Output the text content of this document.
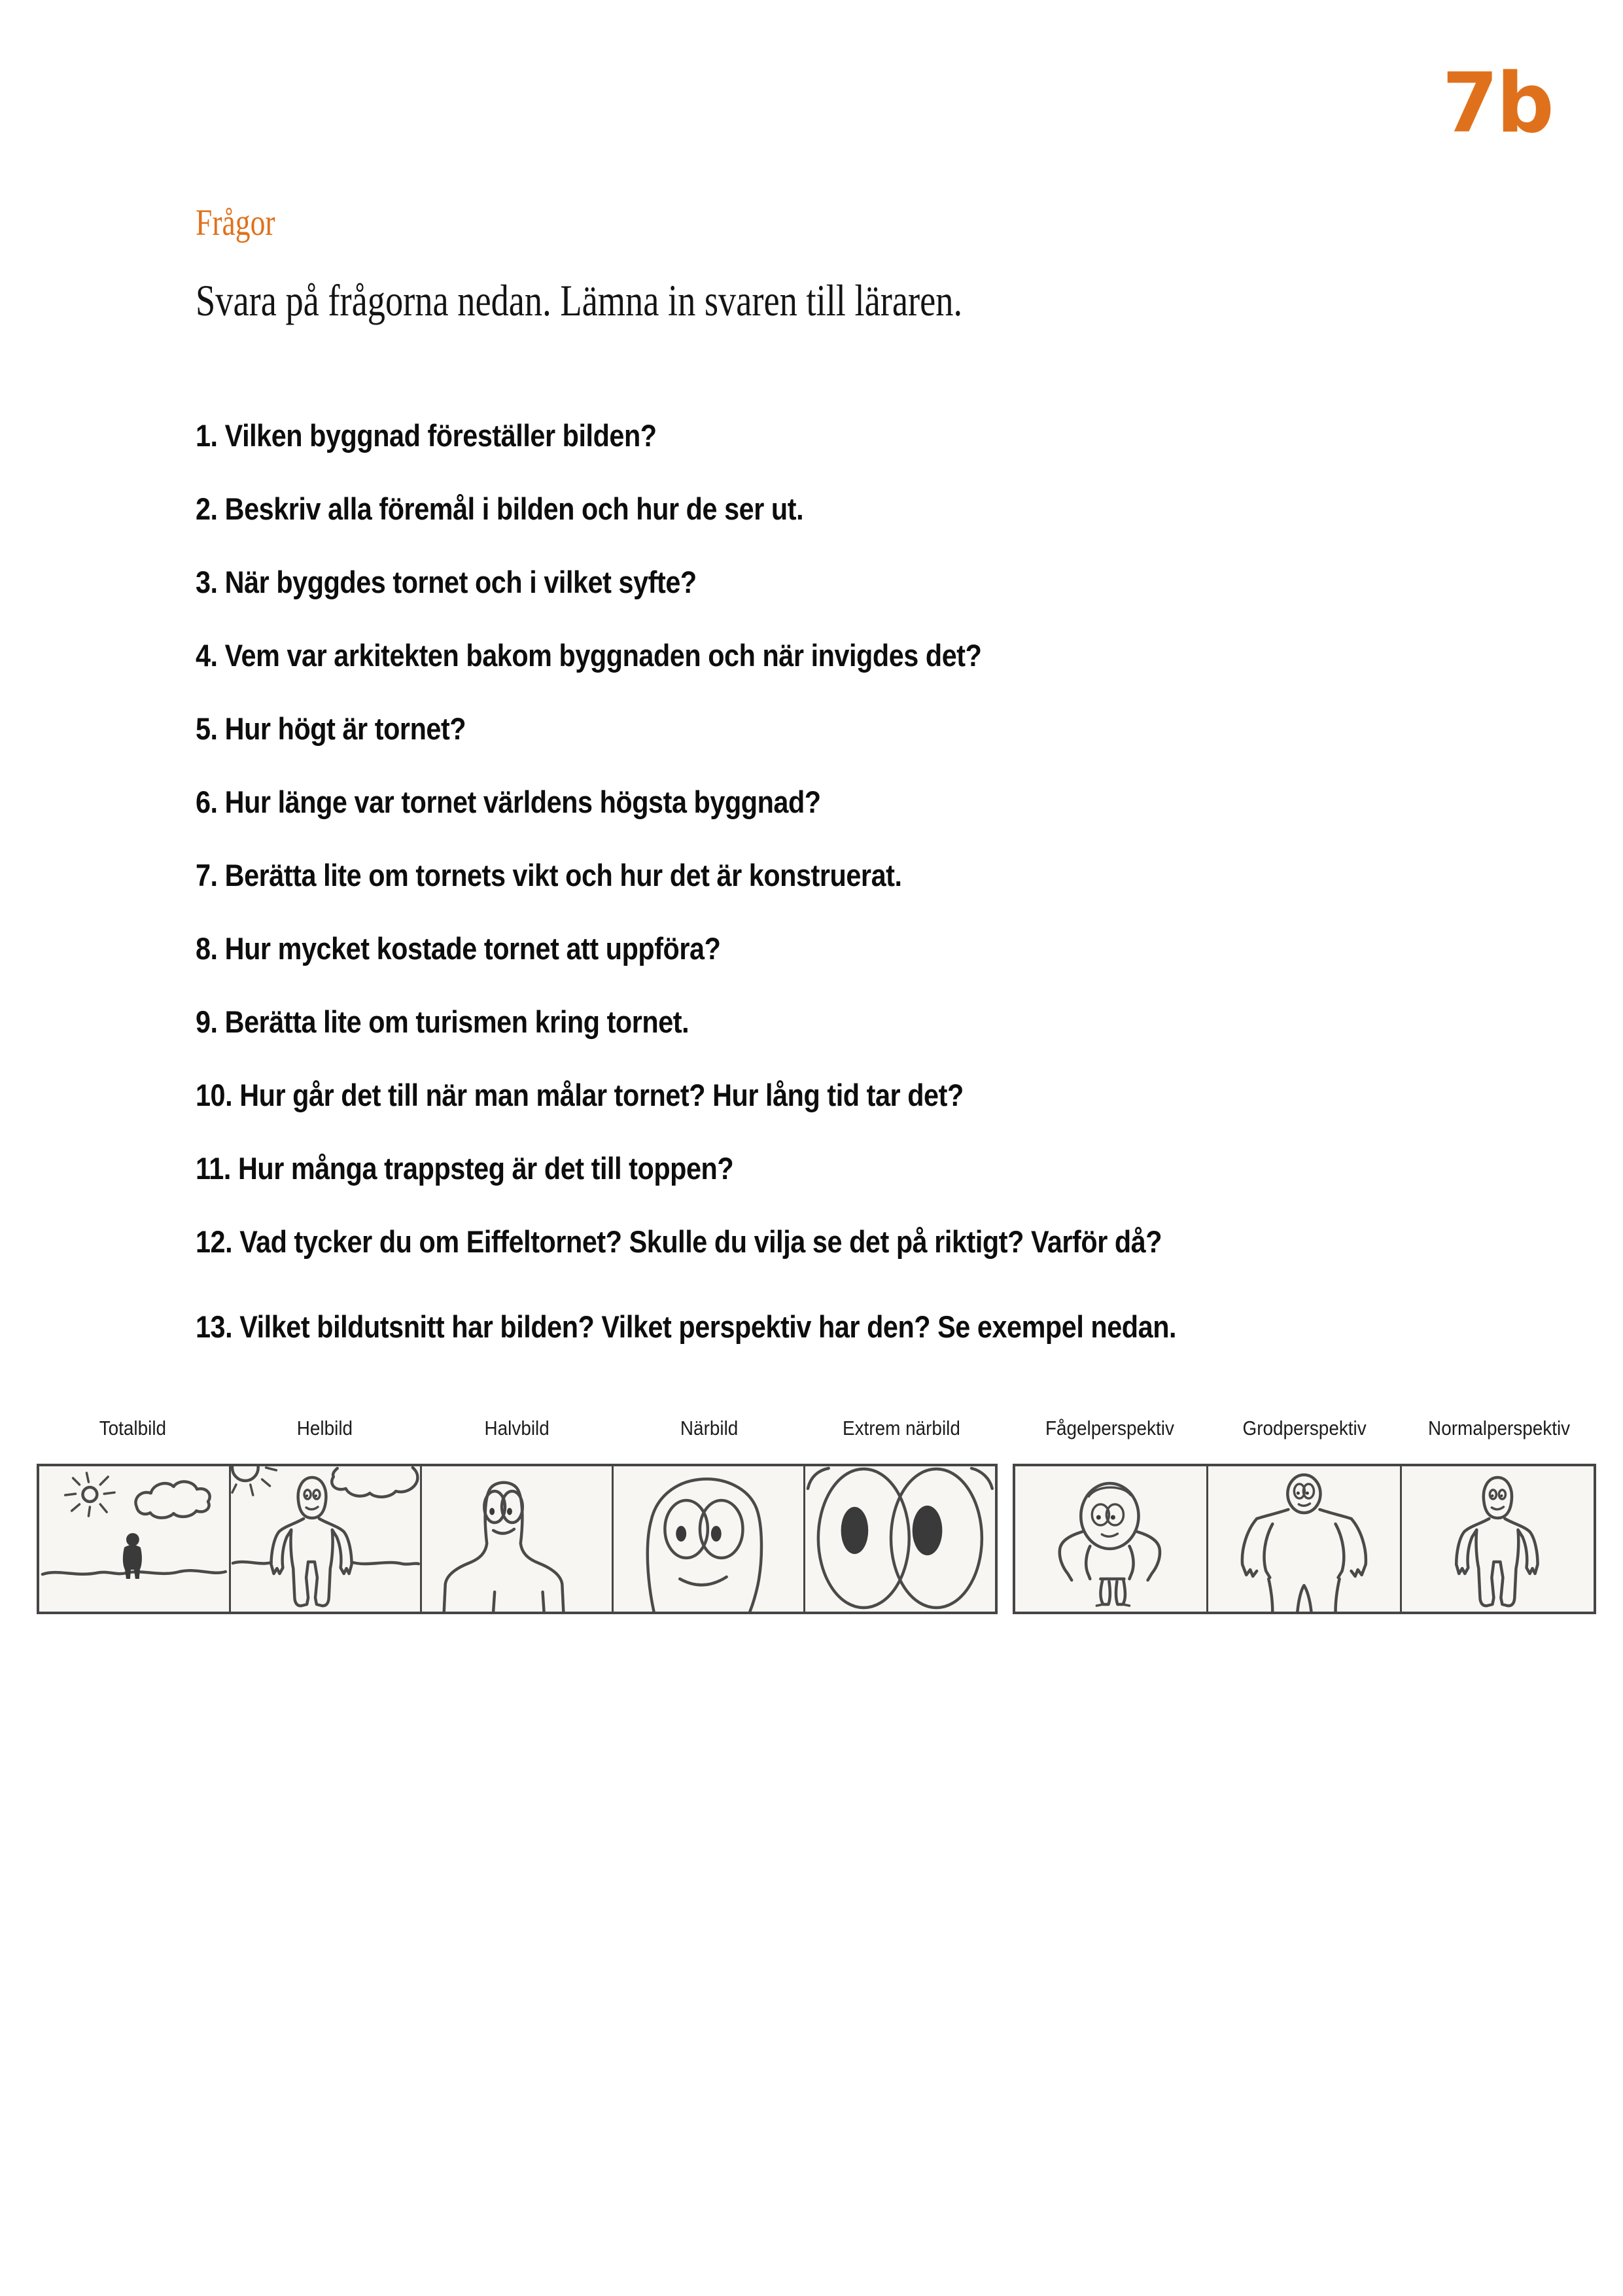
7b
Frågor

Svara på frågorna nedan. Lämna in svaren till läraren.

1. Vilken byggnad föreställer bilden?
2. Beskriv alla föremål i bilden och hur de ser ut.
3. När byggdes tornet och i vilket syfte?
4. Vem var arkitekten bakom byggnaden och när invigdes det?
5. Hur högt är tornet?
6. Hur länge var tornet världens högsta byggnad?
7. Berätta lite om tornets vikt och hur det är konstruerat.
8. Hur mycket kostade tornet att uppföra?
9. Berätta lite om turismen kring tornet.
10. Hur går det till när man målar tornet? Hur lång tid tar det?
11. Hur många trappsteg är det till toppen?
12. Vad tycker du om Eiffeltornet? Skulle du vilja se det på riktigt? Varför då?
13. Vilket bildutsnitt har bilden? Vilket perspektiv har den? Se exempel nedan.
Totalbild	Helbild	Halvbild	Närbild	Extrem närbild	Fågelperspektiv	Grodperspektiv	Normalperspektiv
